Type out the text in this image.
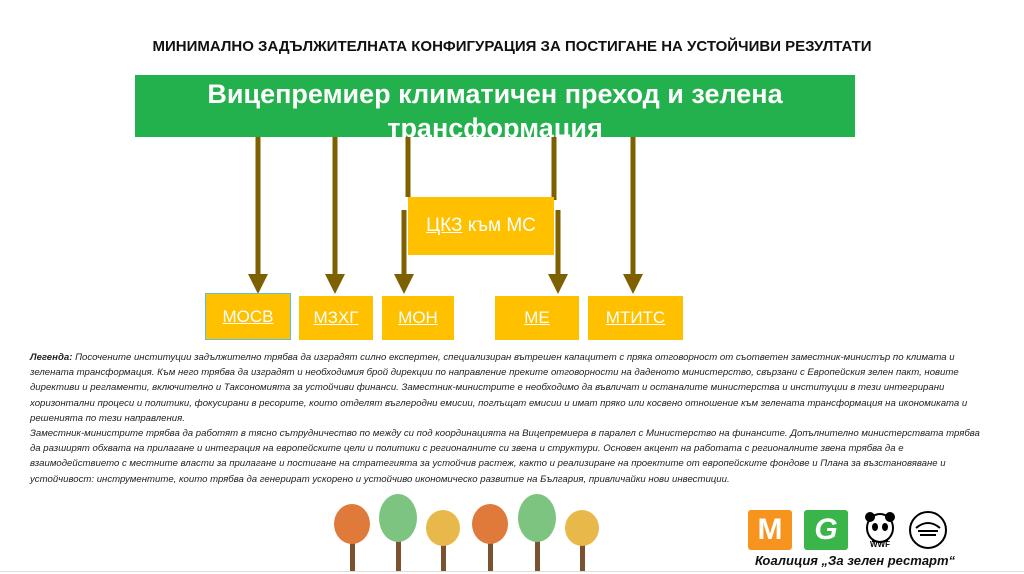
МИНИМАЛНО ЗАДЪЛЖИТЕЛНАТА КОНФИГУРАЦИЯ ЗА ПОСТИГАНЕ НА УСТОЙЧИВИ РЕЗУЛТАТИ
Вицепремиер климатичен преход и зелена
трансформация
ЦКЗ към МС
МОСВ МЗХГ МОН	МЕ	МТИТС
Легенда: Посочените институции задължително трябва да изградят силно експертен, специализиран вътрешен капацитет с пряка отговорност от съответен заместник-министър по климата и зелената трансформация. Към него трябва да изградят и необходимия брой дирекции по направление преките отговорности на даденото министерство, свързани с Европейския зелен пакт, новите директиви и регламенти, включително и Таксономията за устойчиви финанси. Заместник-министрите е необходимо да въвличат и останалите министерства и институции в тези интегрирани хоризонтални процеси и политики, фокусирани в ресорите, които отделят въглеродни емисии, поглъщат емисии и имат пряко или косвено отношение към зелената трансформация на икономиката и решенията по тези направления.
Заместник-министрите трябва да работят в тясно сътрудничество по между си под координацията на Вицепремиера в паралел с Министерство на финансите. Допълнително министерствата трябва да разширят обхвата на прилагане и интеграция на европейските цели и политики с регионалните си звена и структури. Основен акцент на работата с регионалните звена трябва да е взаимодействието с местните власти за прилагане и постигане на стратегията за устойчив растеж, както и реализиране на проектите от европейските фондове и Плана за възстановяване и устойчивост: инструментите, които трябва да генерират ускорено и устойчиво икономическо развитие на България, привличайки нови инвестиции.
M G	WWF
Коалиция „За зелен рестарт“
